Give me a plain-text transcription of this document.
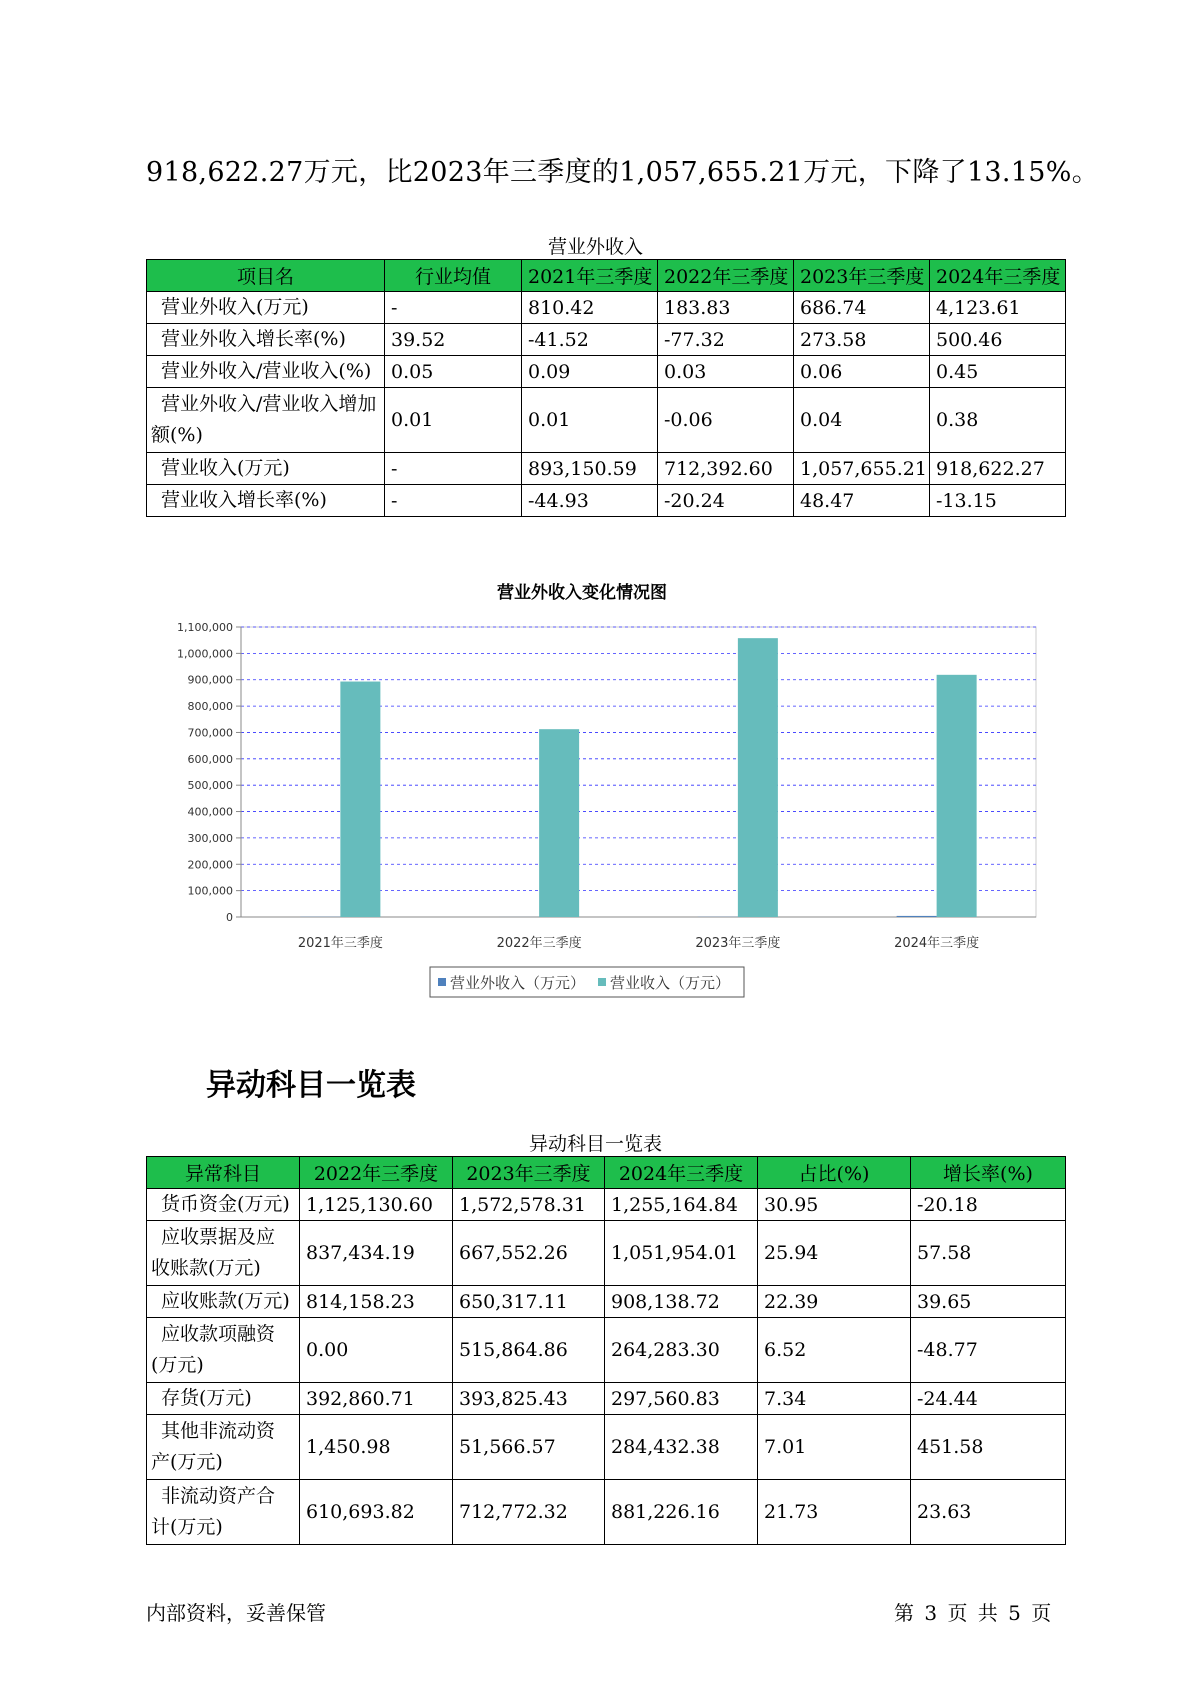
918,622.27万元，比2023年三季度的1,057,655.21万元，下降了13.15%。
营业外收入
项目名	行业均值	2021年三季度	2022年三季度	2023年三季度	2024年三季度
营业外收入(万元)	-	810.42	183.83	686.74	4,123.61
营业外收入增长率(%)	39.52	-41.52	-77.32	273.58	500.46
营业外收入/营业收入(%)	0.05	0.09	0.03	0.06	0.45
营业外收入/营业收入增加额(%)	0.01	0.01	-0.06	0.04	0.38
营业收入(万元)	-	893,150.59	712,392.60	1,057,655.21	918,622.27
营业收入增长率(%)	-	-44.93	-20.24	48.47	-13.15
营业外收入变化情况图
0
100,000
200,000
300,000
400,000
500,000
600,000
700,000
800,000
900,000
1,000,000
1,100,000
2021年三季度	2022年三季度	2023年三季度	2024年三季度
营业外收入（万元） 营业收入（万元）
异动科目一览表
异动科目一览表
异常科目	2022年三季度	2023年三季度	2024年三季度	占比(%)	增长率(%)
货币资金(万元)	1,125,130.60	1,572,578.31	1,255,164.84	30.95	-20.18
应收票据及应收账款(万元)	837,434.19	667,552.26	1,051,954.01	25.94	57.58
应收账款(万元)	814,158.23	650,317.11	908,138.72	22.39	39.65
应收款项融资(万元)	0.00	515,864.86	264,283.30	6.52	-48.77
存货(万元)	392,860.71	393,825.43	297,560.83	7.34	-24.44
其他非流动资产(万元)	1,450.98	51,566.57	284,432.38	7.01	451.58
非流动资产合计(万元)	610,693.82	712,772.32	881,226.16	21.73	23.63
内部资料，妥善保管	第 3 页 共 5 页
